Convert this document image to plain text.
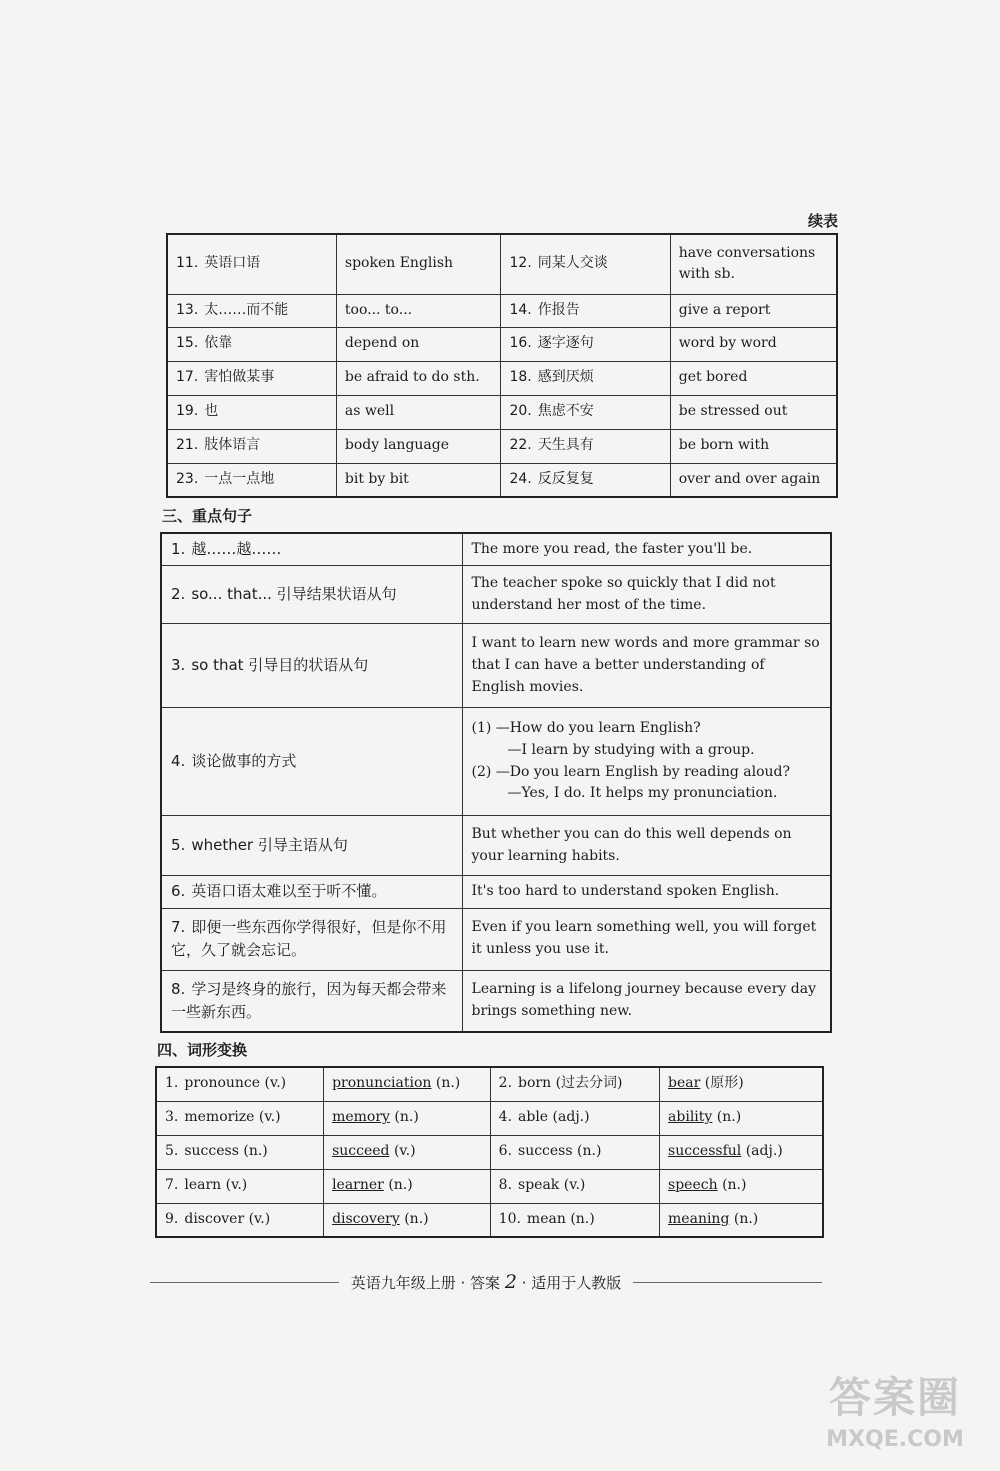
续表
11. 英语口语	spoken English	12. 同某人交谈	have conversations with sb.
13. 太……而不能	too... to...	14. 作报告	give a report
15. 依靠	depend on	16. 逐字逐句	word by word
17. 害怕做某事	be afraid to do sth.	18. 感到厌烦	get bored
19. 也	as well	20. 焦虑不安	be stressed out
21. 肢体语言	body language	22. 天生具有	be born with
23. 一点一点地	bit by bit	24. 反反复复	over and over again
三、重点句子
1. 越……越……	The more you read, the faster you'll be.

2. so... that... 引导结果状语从句	The teacher spoke so quickly that I did not understand her most of the time.

3. so that 引导目的状语从句	I want to learn new words and more grammar so that I can have a better understanding of English movies.

4. 谈论做事的方式	(1) —How do you learn English?
—I learn by studying with a group.
(2) —Do you learn English by reading aloud?
—Yes, I do. It helps my pronunciation.

5. whether 引导主语从句	But whether you can do this well depends on your learning habits.

6. 英语口语太难以至于听不懂。	It's too hard to understand spoken English.

7. 即便一些东西你学得很好，但是你不用它，久了就会忘记。	Even if you learn something well, you will forget it unless you use it.

8. 学习是终身的旅行，因为每天都会带来一些新东西。	Learning is a lifelong journey because every day brings something new.
四、词形变换
1. pronounce (v.)	pronunciation (n.)	2. born (过去分词)	bear (原形)
3. memorize (v.)	memory (n.)	4. able (adj.)	ability (n.)
5. success (n.)	succeed (v.)	6. success (n.)	successful (adj.)
7. learn (v.)	learner (n.)	8. speak (v.)	speech (n.)
9. discover (v.)	discovery (n.)	10. mean (n.)	meaning (n.)
英语九年级上册 · 答案 2 · 适用于人教版
答案圈
MXQE.COM
